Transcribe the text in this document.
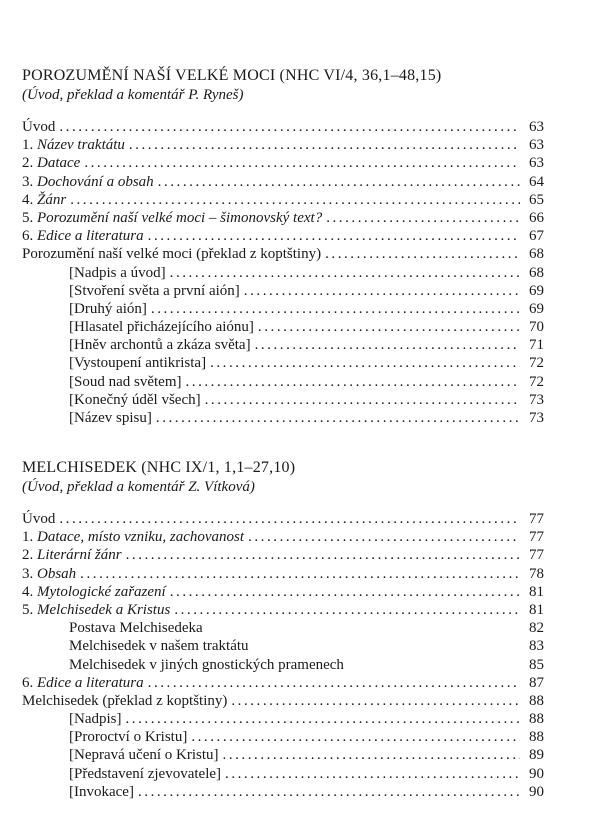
POROZUMĚNÍ NAŠÍ VELKÉ MOCI (NHC VI/4, 36,1–48,15)
(Úvod, překlad a komentář P. Ryneš)
Úvod . . .	63
1. Název traktátu . . .	63
2. Datace . . .	63
3. Dochování a obsah . . .	64
4. Žánr . . .	65
5. Porozumění naší velké moci – šimonovský text? . . .	66
6. Edice a literatura . . .	67
Porozumění naší velké moci (překlad z koptštiny) . . .	68
[Nadpis a úvod] . . .	68
[Stvoření světa a první aión] . . .	69
[Druhý aión] . . .	69
[Hlasatel přicházejícího aiónu] . . .	70
[Hněv archontů a zkáza světa] . . .	71
[Vystoupení antikrista] . . .	72
[Soud nad světem] . . .	72
[Konečný úděl všech] . . .	73
[Název spisu] . . .	73
MELCHISEDEK (NHC IX/1, 1,1–27,10)
(Úvod, překlad a komentář Z. Vítková)
Úvod . . .	77
1. Datace, místo vzniku, zachovanost . . .	77
2. Literární žánr . . .	77
3. Obsah . . .	78
4. Mytologické zařazení . . .	81
5. Melchisedek a Kristus . . .	81
Postava Melchisedeka	82
Melchisedek v našem traktátu	83
Melchisedek v jiných gnostických pramenech	85
6. Edice a literatura . . .	87
Melchisedek (překlad z koptštiny) . . .	88
[Nadpis] . . .	88
[Proroctví o Kristu] . . .	88
[Nepravá učení o Kristu] . . .	89
[Představení zjevovatele] . . .	90
[Invokace] . . .	90
